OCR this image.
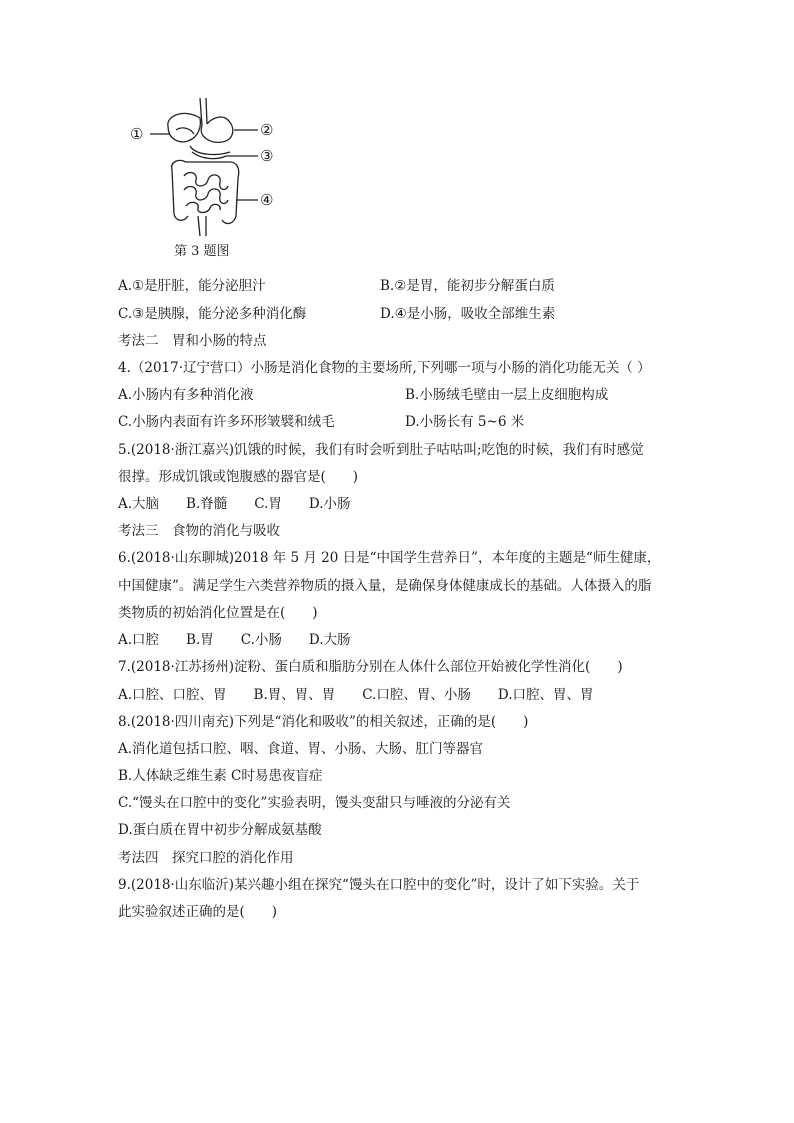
①	②
③
④
第 3 题图
A.①是肝脏，能分泌胆汁	B.②是胃，能初步分解蛋白质
C.③是胰腺，能分泌多种消化酶	D.④是小肠，吸收全部维生素
考法二　胃和小肠的特点
4.（2017·辽宁营口）小肠是消化食物的主要场所,下列哪一项与小肠的消化功能无关（ ）
A.小肠内有多种消化液	B.小肠绒毛壁由一层上皮细胞构成
C.小肠内表面有许多环形皱襞和绒毛	D.小肠长有 5~6 米
5.(2018·浙江嘉兴)饥饿的时候，我们有时会听到肚子咕咕叫;吃饱的时候，我们有时感觉
很撑。形成饥饿或饱腹感的器官是(　　)
A.大脑　　B.脊髓　　C.胃　　D.小肠
考法三　食物的消化与吸收
6.(2018·山东聊城)2018 年 5 月 20 日是“中国学生营养日”，本年度的主题是“师生健康，
中国健康”。满足学生六类营养物质的摄入量，是确保身体健康成长的基础。人体摄入的脂
类物质的初始消化位置是在(　　)
A.口腔　　B.胃　　C.小肠　　D.大肠
7.(2018·江苏扬州)淀粉、蛋白质和脂肪分别在人体什么部位开始被化学性消化(　　)
A.口腔、口腔、胃　　B.胃、胃、胃　　C.口腔、胃、小肠　　D.口腔、胃、胃
8.(2018·四川南充)下列是“消化和吸收”的相关叙述，正确的是(　　)
A.消化道包括口腔、咽、食道、胃、小肠、大肠、肛门等器官
B.人体缺乏维生素 C时易患夜盲症
C.“馒头在口腔中的变化”实验表明，馒头变甜只与唾液的分泌有关
D.蛋白质在胃中初步分解成氨基酸
考法四　探究口腔的消化作用
9.(2018·山东临沂)某兴趣小组在探究“馒头在口腔中的变化”时，设计了如下实验。关于
此实验叙述正确的是(　　)
